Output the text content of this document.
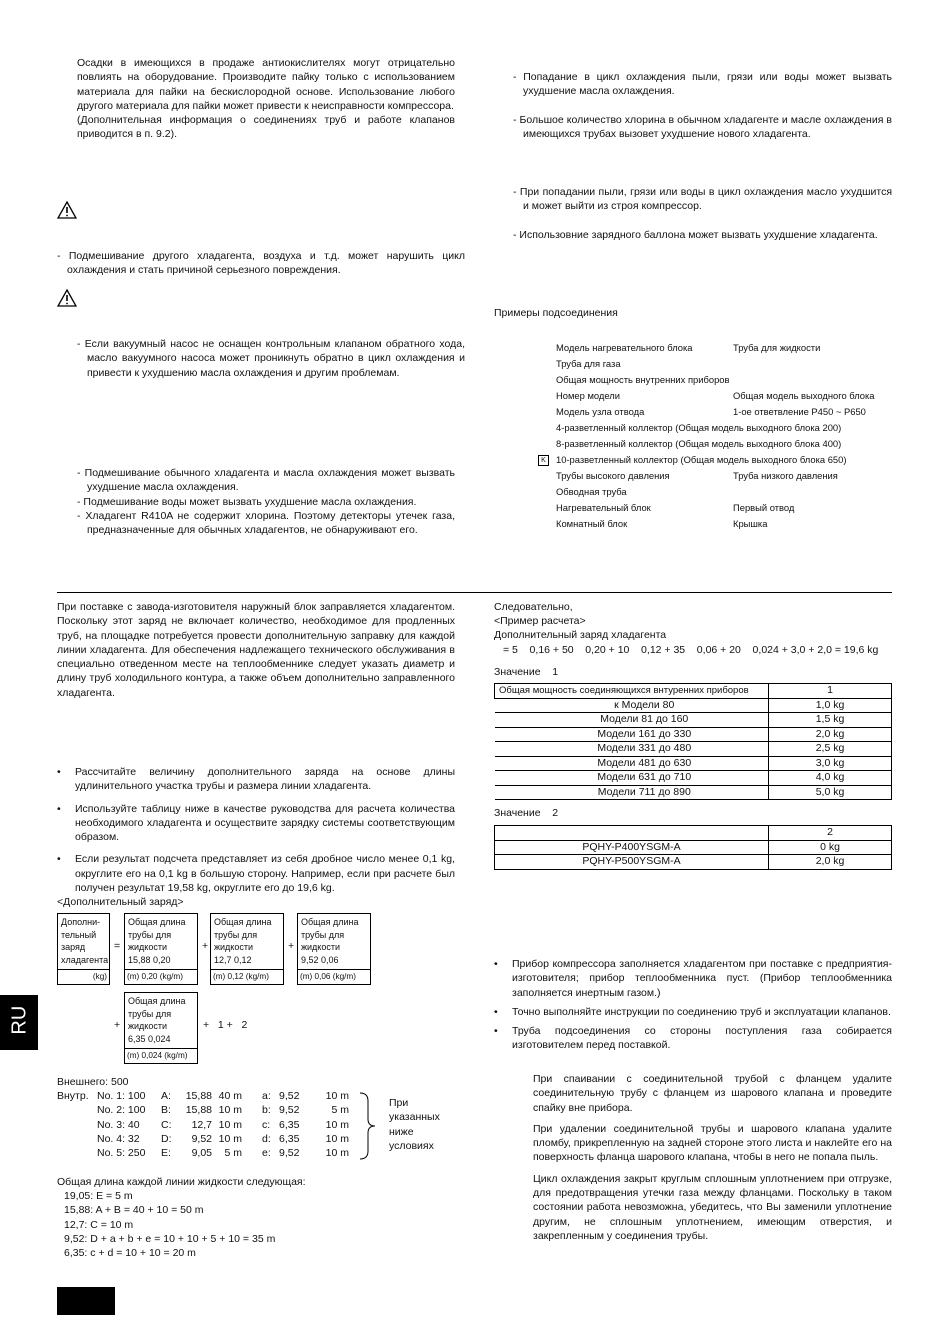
Осадки в имеющихся в продаже антиокислителях могут отрицательно повлиять на оборудование. Производите пайку только с использованием материала для пайки на бескислородной основе. Использование любого другого материала для пайки может привести к неисправности компрессора.
(Дополнительная информация о соединениях труб и работе клапанов приводится в п. 9.2).
- Подмешивание другого хладагента, воздуха и т.д. может нарушить цикл охлаждения и стать причиной серьезного повреждения.
- Если вакуумный насос не оснащен контрольным клапаном обратного хода, масло вакуумного насоса может проникнуть обратно в цикл охлаждения и привести к ухудшению масла охлаждения и другим проблемам.
- Подмешивание обычного хладагента и масла охлаждения может вызвать ухудшение масла охлаждения.
- Подмешивание воды может вызвать ухудшение масла охлаждения.
- Хладагент R410A не содержит хлорина. Поэтому детекторы утечек газа, предназначенные для обычных хладагентов, не обнаруживают его.
- Попадание в цикл охлаждения пыли, грязи или воды может вызвать ухудшение масла охлаждения.
- Большое количество хлорина в обычном хладагенте и масле охлаждения в имеющихся трубах вызовет ухудшение нового хладагента.
- При попадании пыли, грязи или воды в цикл охлаждения масло ухудшится и может выйти из строя компрессор.
- Использовние зарядного баллона может вызвать ухудшение хладагента.
Примеры подсоединения
K
Модель нагревательного блока	Труба для жидкости
Труба для газа
Общая мощность внутренних приборов
Номер модели	Общая модель выходного блока
Модель узла отвода	1-ое ответвление P450 ~ P650
4-разветленный коллектор (Общая модель выходного блока 200)
8-разветленный коллектор (Общая модель выходного блока 400)
10-разветленный коллектор (Общая модель выходного блока 650)
Трубы высокого давления	Труба низкого давления
Обводная труба
Нагревательный блок	Первый отвод
Комнатный блок	Крышка
При поставке с завода-изготовителя наружный блок заправляется хладагентом. Поскольку этот заряд не включает количество, необходимое для продленных труб, на площадке потребуется провести дополнительную заправку для каждой линии хладагента. Для обеспечения надлежащего технического обслуживания в специально отведенном месте на теплообменнике следует указать диаметр и длину труб холодильного контура, а также объем дополнительно заправленного хладагента.
• Рассчитайте величину дополнительного заряда на основе длины удлинительного участка трубы и размера линии хладагента.
• Используйте таблицу ниже в качестве руководства для расчета количества необходимого хладагента и осуществите зарядку системы соответствующим образом.
• Если результат подсчета представляет из себя дробное число менее 0,1 kg, округлите его на 0,1 kg в большую сторону. Например, если при расчете был получен результат 19,58 kg, округлите его до 19,6 kg.
<Дополнительный заряд>
Дополни-
тельный
заряд
хладагента
(kg)
=
Общая длина
трубы для
жидкости
15,88 0,20
(m) 0,20 (kg/m)
+
Общая длина
трубы для
жидкости
12,7 0,12
(m) 0,12 (kg/m)
+
Общая длина
трубы для
жидкости
9,52 0,06
(m) 0,06 (kg/m)
+
Общая длина
трубы для
жидкости
6,35 0,024
(m) 0,024 (kg/m)
+   1 +   2
Внешнего: 500
Внутр. No. 1: 100 A:	15,88 40 m a: 9,52	10 m
No. 2: 100 B:	15,88 10 m b: 9,52	5 m
No. 3: 40 C:	12,7 10 m c: 6,35	10 m
No. 4: 32 D:	9,52 10 m d: 6,35	10 m
No. 5: 250 E:	9,05	5 m e: 9,52	10 m
При
указанных
ниже
условиях
Общая длина каждой линии жидкости следующая:
19,05: E = 5 m
15,88: A + B = 40 + 10 = 50 m
12,7: C = 10 m
9,52: D + a + b + e = 10 + 10 + 5 + 10 = 35 m
6,35: c + d = 10 + 10 = 20 m
Следовательно,
<Пример расчета>
Дополнительный заряд хладагента
= 5    0,16 + 50    0,20 + 10    0,12 + 35    0,06 + 20    0,024 + 3,0 + 2,0 = 19,6 kg
Значение    1
Общая мощность соединяющихся внтуренних приборов	1
к Модели 80	1,0 kg
Модели 81 до 160	1,5 kg
Модели 161 до 330	2,0 kg
Модели 331 до 480	2,5 kg
Модели 481 до 630	3,0 kg
Модели 631 до 710	4,0 kg
Модели 711 до 890	5,0 kg
Значение    2
	2
PQHY-P400YSGM-A	0 kg
PQHY-P500YSGM-A	2,0 kg
• Прибор компрессора заполняется хладагентом при поставке с предприятия-изготовителя; прибор теплообменника пуст. (Прибор теплообменника заполняется инертным газом.)
• Точно выполняйте инструкции по соединению труб и эксплуатации клапанов.
• Труба подсоединения со стороны поступления газа собирается изготовителем перед поставкой.
При спаивании с соединительной трубой с фланцем удалите соединительную трубу с фланцем из шарового клапана и проведите спайку вне прибора.
При удалении соединительной трубы и шарового клапана удалите пломбу, прикрепленную на задней стороне этого листа и наклейте его на поверхность фланца шарового клапана, чтобы в него не попала пыль.
Цикл охлаждения закрыт круглым сплошным уплотнением при отгрузке, для предотвращения утечки газа между фланцами. Поскольку в таком состоянии работа невозможна, убедитесь, что Вы заменили уплотнение другим, не сплошным уплотнением, имеющим отверстия, и закрепленным у соединения трубы.
RU
